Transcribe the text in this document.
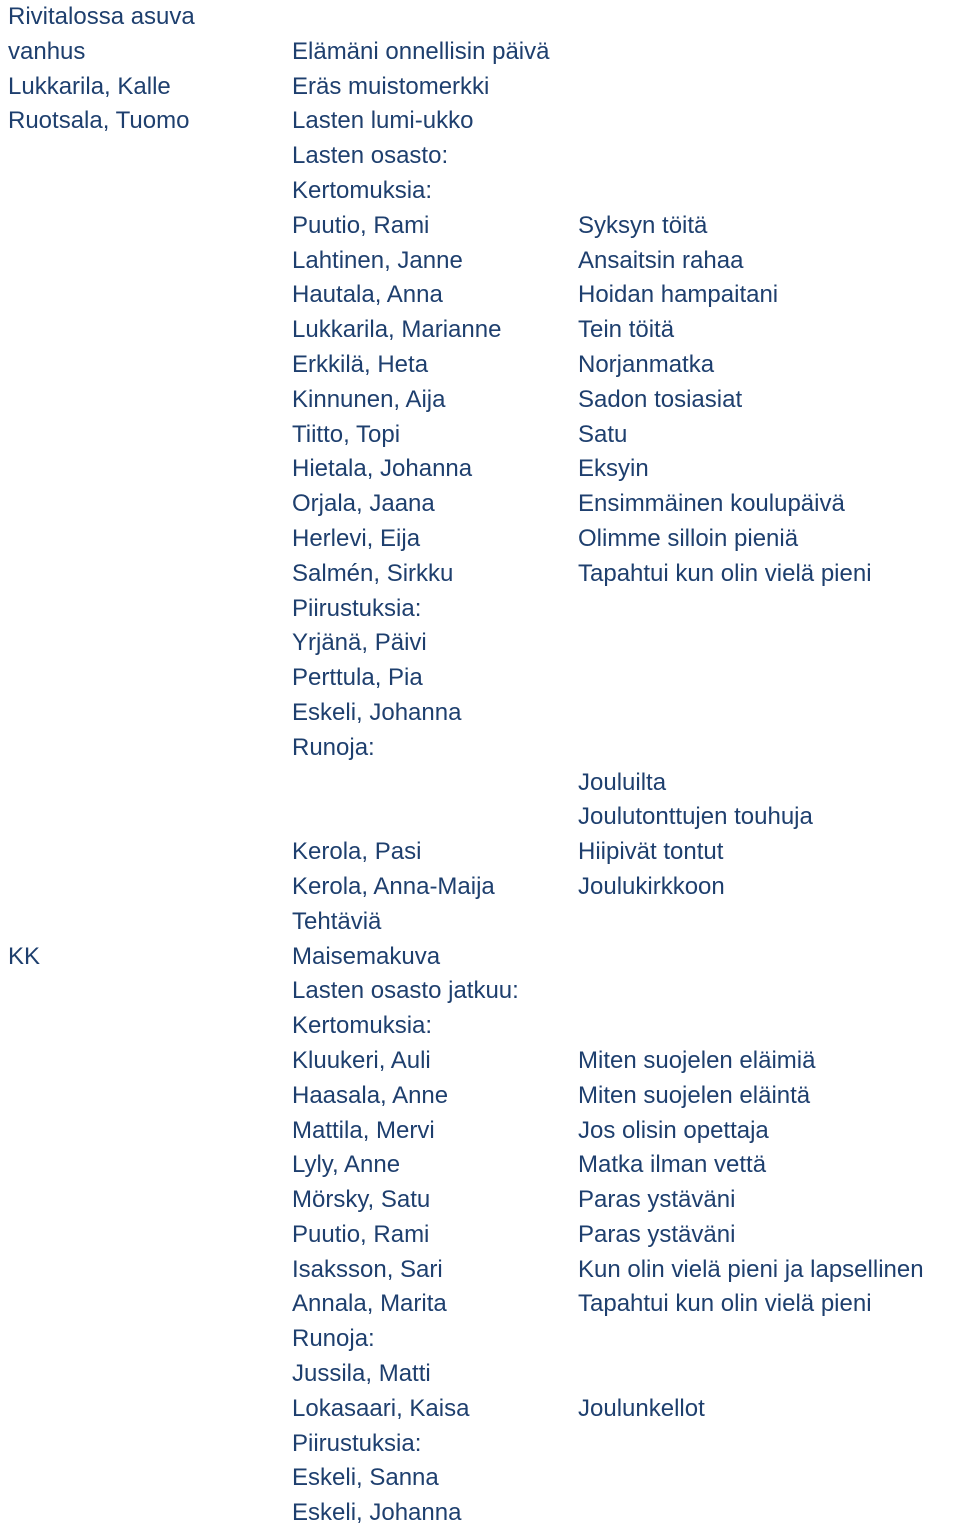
Rivitalossa asuva
vanhus
Lukkarila, Kalle
Ruotsala, Tuomo
KK
Elämäni onnellisin päivä
Eräs muistomerkki
Lasten lumi-ukko
Lasten osasto:
Kertomuksia:
Puutio, Rami
Lahtinen, Janne
Hautala, Anna
Lukkarila, Marianne
Erkkilä, Heta
Kinnunen, Aija
Tiitto, Topi
Hietala, Johanna
Orjala, Jaana
Herlevi, Eija
Salmén, Sirkku
Piirustuksia:
Yrjänä, Päivi
Perttula, Pia
Eskeli, Johanna
Runoja:
Kerola, Pasi
Kerola, Anna-Maija
Tehtäviä
Maisemakuva
Lasten osasto jatkuu:
Kertomuksia:
Kluukeri, Auli
Haasala, Anne
Mattila, Mervi
Lyly, Anne
Mörsky, Satu
Puutio, Rami
Isaksson, Sari
Annala, Marita
Runoja:
Jussila, Matti
Lokasaari, Kaisa
Piirustuksia:
Eskeli, Sanna
Eskeli, Johanna
Syksyn töitä
Ansaitsin rahaa
Hoidan hampaitani
Tein töitä
Norjanmatka
Sadon tosiasiat
Satu
Eksyin
Ensimmäinen koulupäivä
Olimme silloin pieniä
Tapahtui kun olin vielä pieni
Jouluilta
Joulutonttujen touhuja
Hiipivät tontut
Joulukirkkoon
Miten suojelen eläimiä
Miten suojelen eläintä
Jos olisin opettaja
Matka ilman vettä
Paras ystäväni
Paras ystäväni
Kun olin vielä pieni ja lapsellinen
Tapahtui kun olin vielä pieni
Joulunkellot
